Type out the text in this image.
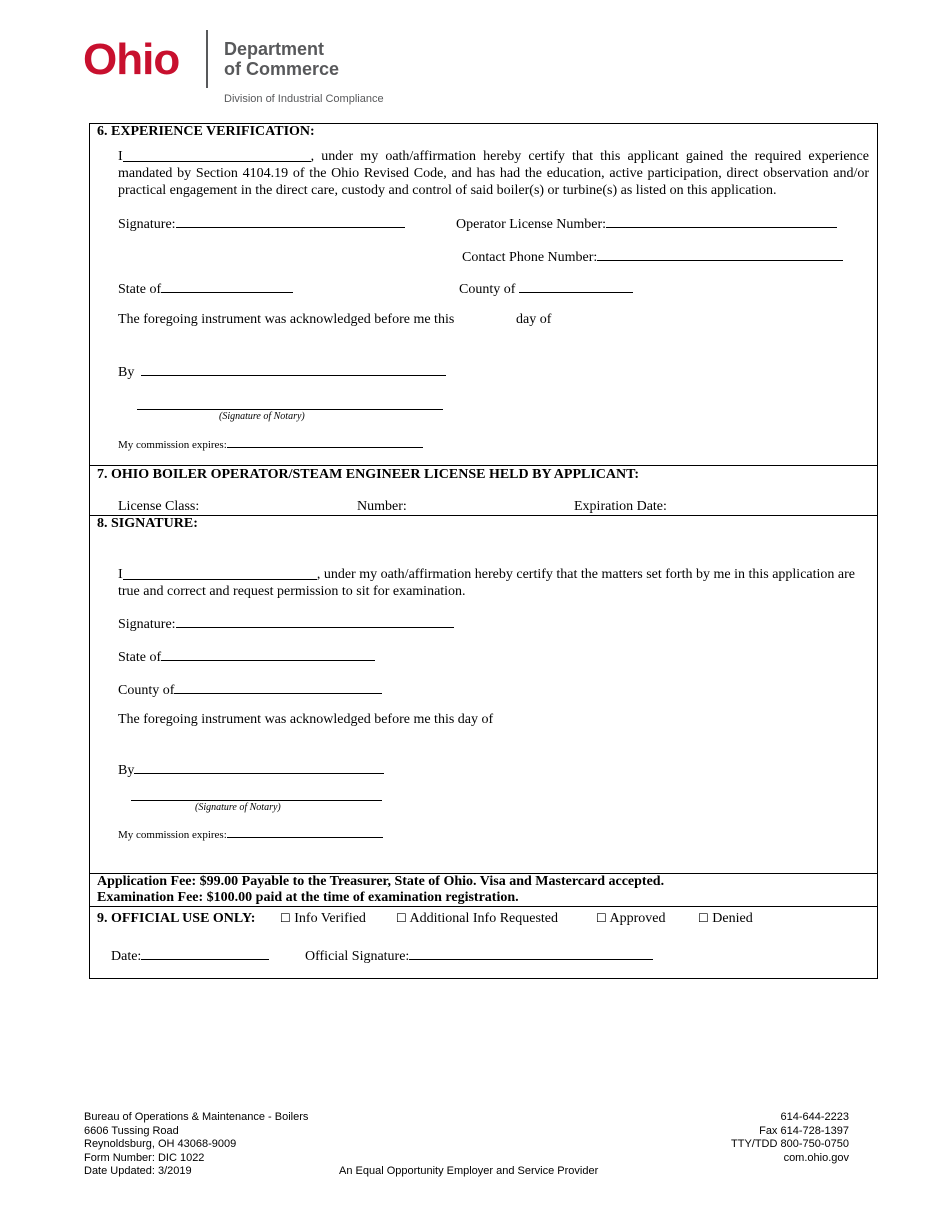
Ohio Department
of Commerce
Division of Industrial Compliance
6. EXPERIENCE VERIFICATION:
I	, under my oath/affirmation hereby certify that this applicant gained the required experience
mandated by Section 4104.19 of the Ohio Revised Code, and has had the education, active participation, direct observation and/or practical engagement in the direct care, custody and control of said boiler(s) or turbine(s) as listed on this application.
Signature:	Operator License Number:
Contact Phone Number:
State of	County of
The foregoing instrument was acknowledged before me this	day of
By
(Signature of Notary)
My commission expires:
7. OHIO BOILER OPERATOR/STEAM ENGINEER LICENSE HELD BY APPLICANT:
License Class:	Number:	Expiration Date:
8. SIGNATURE:
I	, under my oath/affirmation hereby certify that the matters set forth by me in this application are
true and correct and request permission to sit for examination.
Signature:
State of
County of
The foregoing instrument was acknowledged before me this day of
By
(Signature of Notary)
My commission expires:
Application Fee: $99.00 Payable to the Treasurer, State of Ohio. Visa and Mastercard accepted.
Examination Fee: $100.00 paid at the time of examination registration.
9. OFFICIAL USE ONLY: ☐ Info Verified	☐ Additional Info Requested	☐ Approved	☐ Denied
Date:	Official Signature:
Bureau of Operations & Maintenance - Boilers
6606 Tussing Road
Reynoldsburg, OH 43068-9009
Form Number: DIC 1022
Date Updated: 3/2019	An Equal Opportunity Employer and Service Provider
614-644-2223
Fax 614-728-1397
TTY/TDD 800-750-0750
com.ohio.gov
